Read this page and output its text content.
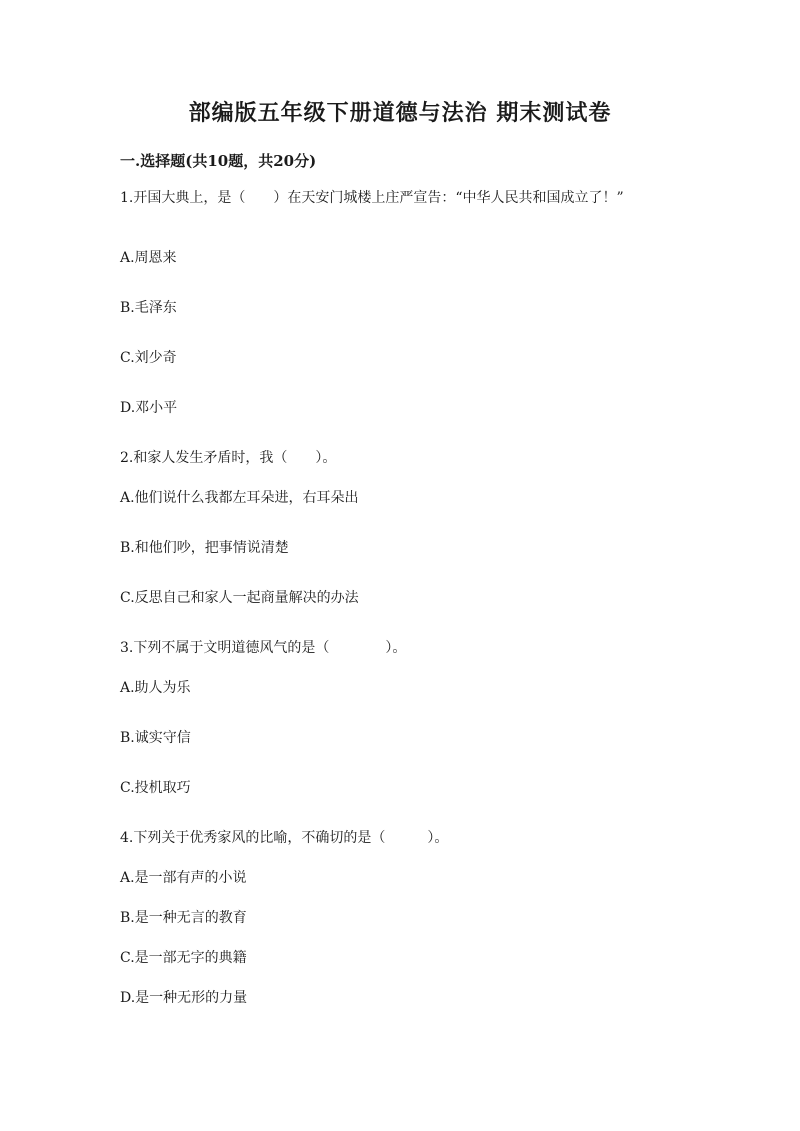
部编版五年级下册道德与法治 期末测试卷
一.选择题(共10题，共20分)

1.开国大典上，是（　　）在天安门城楼上庄严宣告：“中华人民共和国成立了！”

A.周恩来

B.毛泽东

C.刘少奇

D.邓小平

2.和家人发生矛盾时，我（　　）。

A.他们说什么我都左耳朵进，右耳朵出

B.和他们吵，把事情说清楚

C.反思自己和家人一起商量解决的办法

3.下列不属于文明道德风气的是（　　　　）。

A.助人为乐

B.诚实守信

C.投机取巧

4.下列关于优秀家风的比喻，不确切的是（　　　）。

A.是一部有声的小说

B.是一种无言的教育

C.是一部无字的典籍

D.是一种无形的力量
